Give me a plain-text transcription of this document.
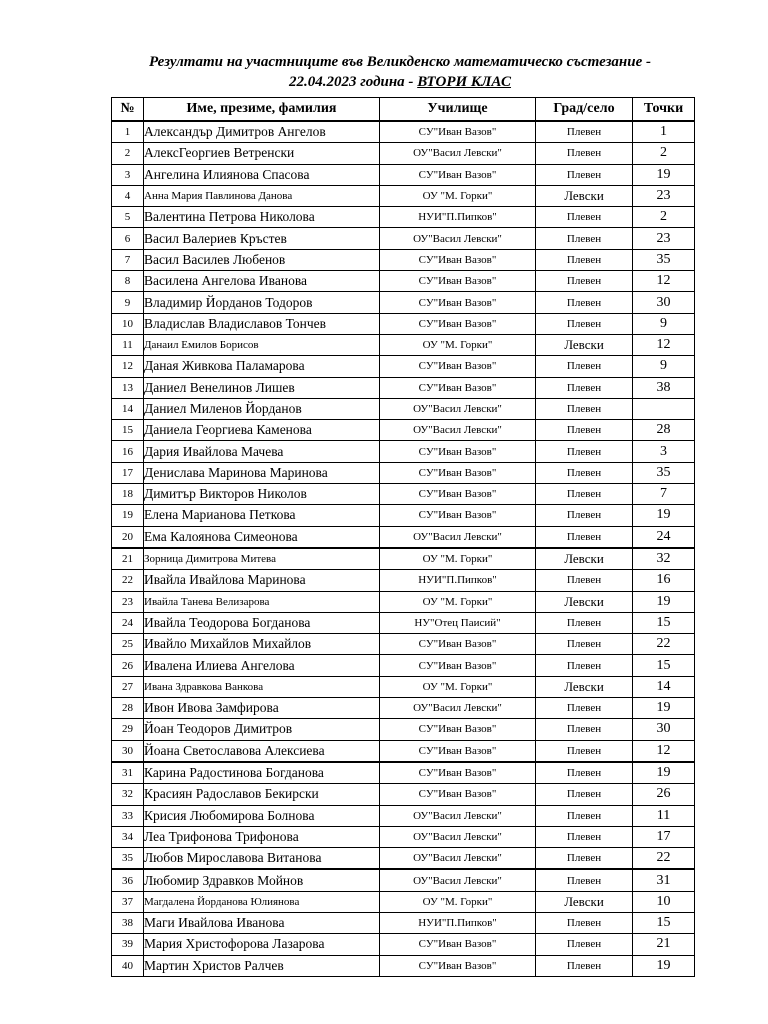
Резултати на участниците във Великденско математическо състезание -
22.04.2023 година - ВТОРИ КЛАС
№	Име, презиме, фамилия	Училище	Град/село	Точки
1	Александър Димитров Ангелов	СУ"Иван Вазов"	Плевен	1
2	АлексГеоргиев Ветренски	ОУ"Васил Левски"	Плевен	2
3	Ангелина Илиянова Спасова	СУ"Иван Вазов"	Плевен	19
4	Анна Мария Павлинова Данова	ОУ "М. Горки"	Левски	23
5	Валентина Петрова Николова	НУИ"П.Пипков"	Плевен	2
6	Васил Валериев Кръстев	ОУ"Васил Левски"	Плевен	23
7	Васил Василев Любенов	СУ"Иван Вазов"	Плевен	35
8	Василена Ангелова Иванова	СУ"Иван Вазов"	Плевен	12
9	Владимир Йорданов Тодоров	СУ"Иван Вазов"	Плевен	30
10	Владислав Владиславов Тончев	СУ"Иван Вазов"	Плевен	9
11	Данаил Емилов Борисов	ОУ "М. Горки"	Левски	12
12	Даная Живкова Паламарова	СУ"Иван Вазов"	Плевен	9
13	Даниел Венелинов Лишев	СУ"Иван Вазов"	Плевен	38
14	Даниел Миленов Йорданов	ОУ"Васил Левски"	Плевен	
15	Даниела Георгиева Каменова	ОУ"Васил Левски"	Плевен	28
16	Дария Ивайлова Мачева	СУ"Иван Вазов"	Плевен	3
17	Денислава Маринова Маринова	СУ"Иван Вазов"	Плевен	35
18	Димитър Викторов Николов	СУ"Иван Вазов"	Плевен	7
19	Елена Марианова Петкова	СУ"Иван Вазов"	Плевен	19
20	Ема Калоянова Симеонова	ОУ"Васил Левски"	Плевен	24
21	Зорница Димитрова Митева	ОУ "М. Горки"	Левски	32
22	Ивайла Ивайлова Маринова	НУИ"П.Пипков"	Плевен	16
23	Ивайла Танева Велизарова	ОУ "М. Горки"	Левски	19
24	Ивайла Теодорова Богданова	НУ"Отец Паисий"	Плевен	15
25	Ивайло Михайлов Михайлов	СУ"Иван Вазов"	Плевен	22
26	Ивалена Илиева Ангелова	СУ"Иван Вазов"	Плевен	15
27	Ивана Здравкова Ванкова	ОУ "М. Горки"	Левски	14
28	Ивон Ивова Замфирова	ОУ"Васил Левски"	Плевен	19
29	Йоан Теодоров Димитров	СУ"Иван Вазов"	Плевен	30
30	Йоана Светославова Алексиева	СУ"Иван Вазов"	Плевен	12
31	Карина Радостинова Богданова	СУ"Иван Вазов"	Плевен	19
32	Красиян Радославов Бекирски	СУ"Иван Вазов"	Плевен	26
33	Крисия Любомирова Болнова	ОУ"Васил Левски"	Плевен	11
34	Леа Трифонова Трифонова	ОУ"Васил Левски"	Плевен	17
35	Любов Мирославова Витанова	ОУ"Васил Левски"	Плевен	22
36	Любомир Здравков Мойнов	ОУ"Васил Левски"	Плевен	31
37	Магдалена Йорданова Юлиянова	ОУ "М. Горки"	Левски	10
38	Маги Ивайлова Иванова	НУИ"П.Пипков"	Плевен	15
39	Мария Христофорова Лазарова	СУ"Иван Вазов"	Плевен	21
40	Мартин Христов Ралчев	СУ"Иван Вазов"	Плевен	19
